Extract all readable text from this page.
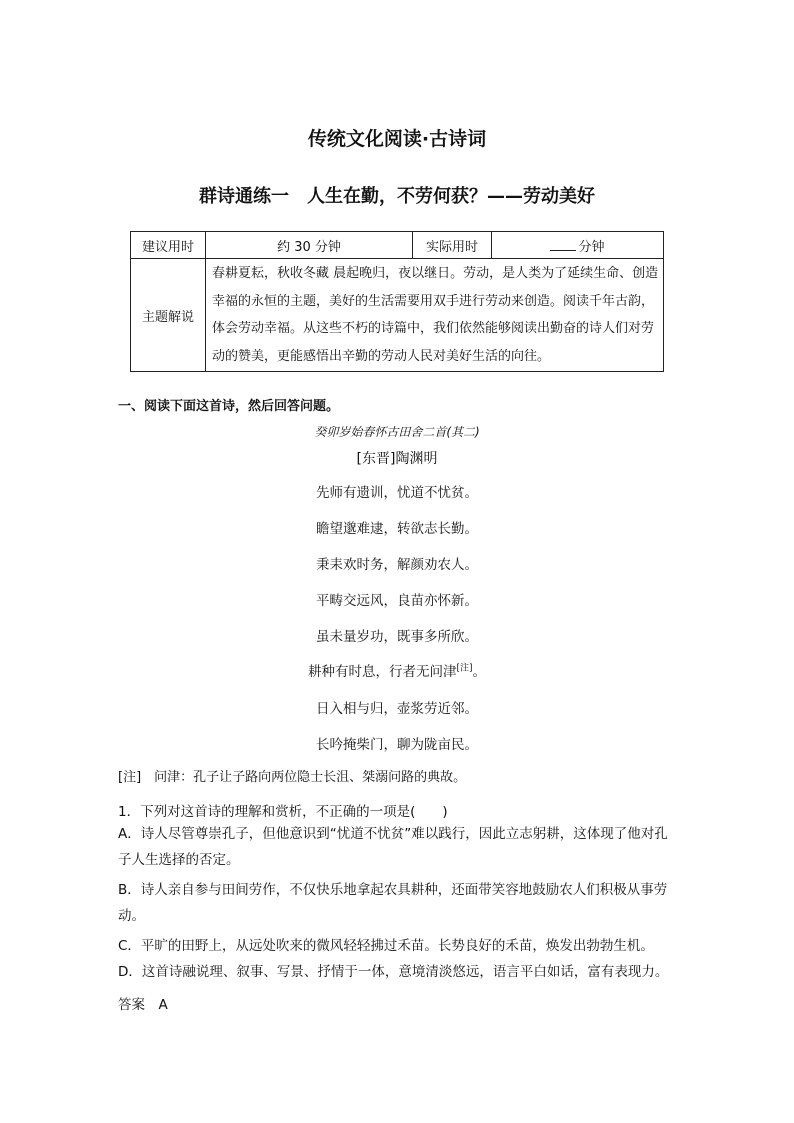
传统文化阅读·古诗词
群诗通练一　人生在勤，不劳何获？——劳动美好
建议用时	约 30 分钟	实际用时	分钟
主题解说	春耕夏耘，秋收冬藏 晨起晚归，夜以继日。劳动，是人类为了延续生命、创造幸福的永恒的主题，美好的生活需要用双手进行劳动来创造。阅读千年古韵，体会劳动幸福。从这些不朽的诗篇中，我们依然能够阅读出勤奋的诗人们对劳动的赞美，更能感悟出辛勤的劳动人民对美好生活的向往。		
一、阅读下面这首诗，然后回答问题。
癸卯岁始春怀古田舍二首(其二)
[东晋]陶渊明
先师有遗训，忧道不忧贫。
瞻望邈难逮，转欲志长勤。
秉耒欢时务，解颜劝农人。
平畴交远风，良苗亦怀新。
虽未量岁功，既事多所欣。
耕种有时息，行者无问津[注]。
日入相与归，壶浆劳近邻。
长吟掩柴门，聊为陇亩民。
[注]　问津：孔子让子路向两位隐士长沮、桀溺问路的典故。
1．下列对这首诗的理解和赏析，不正确的一项是(　　)
A．诗人尽管尊崇孔子，但他意识到“忧道不忧贫”难以践行，因此立志躬耕，这体现了他对孔子人生选择的否定。
B．诗人亲自参与田间劳作，不仅快乐地拿起农具耕种，还面带笑容地鼓励农人们积极从事劳动。
C．平旷的田野上，从远处吹来的微风轻轻拂过禾苗。长势良好的禾苗，焕发出勃勃生机。
D．这首诗融说理、叙事、写景、抒情于一体，意境清淡悠远，语言平白如话，富有表现力。
答案　A
